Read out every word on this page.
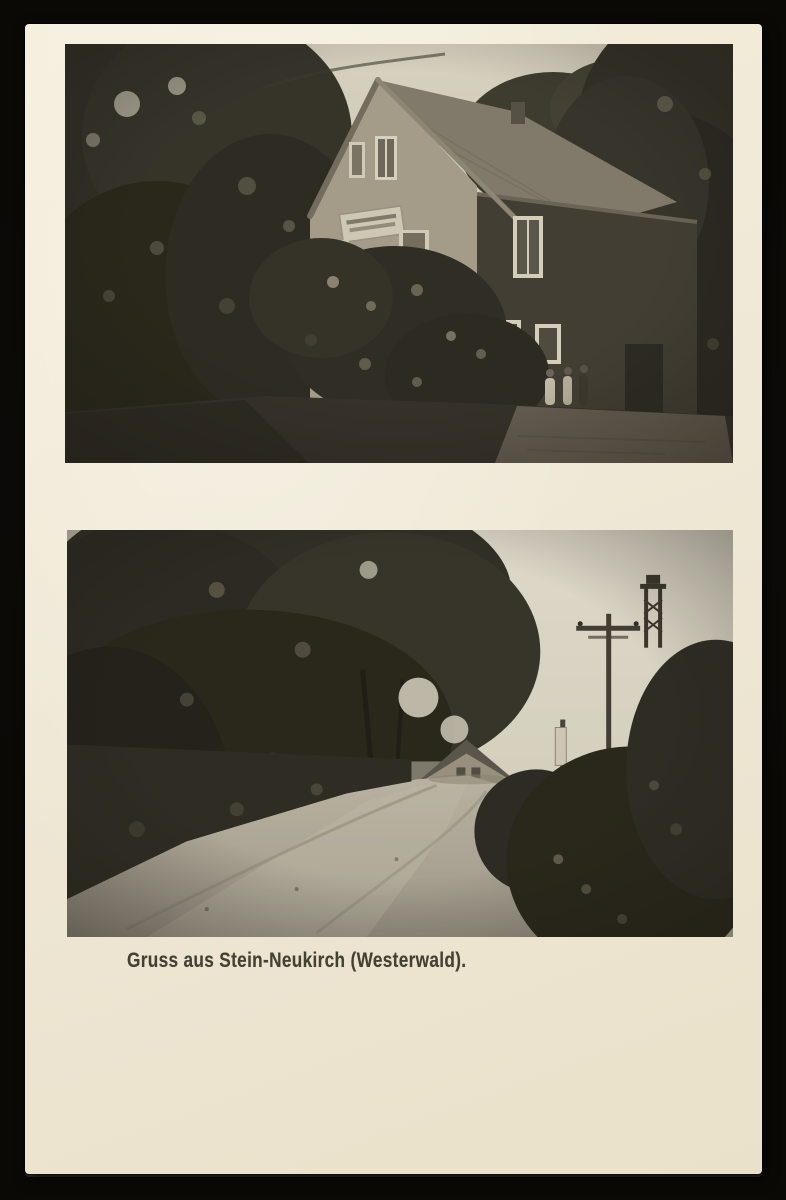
Gruss aus Stein-Neukirch (Westerwald).
